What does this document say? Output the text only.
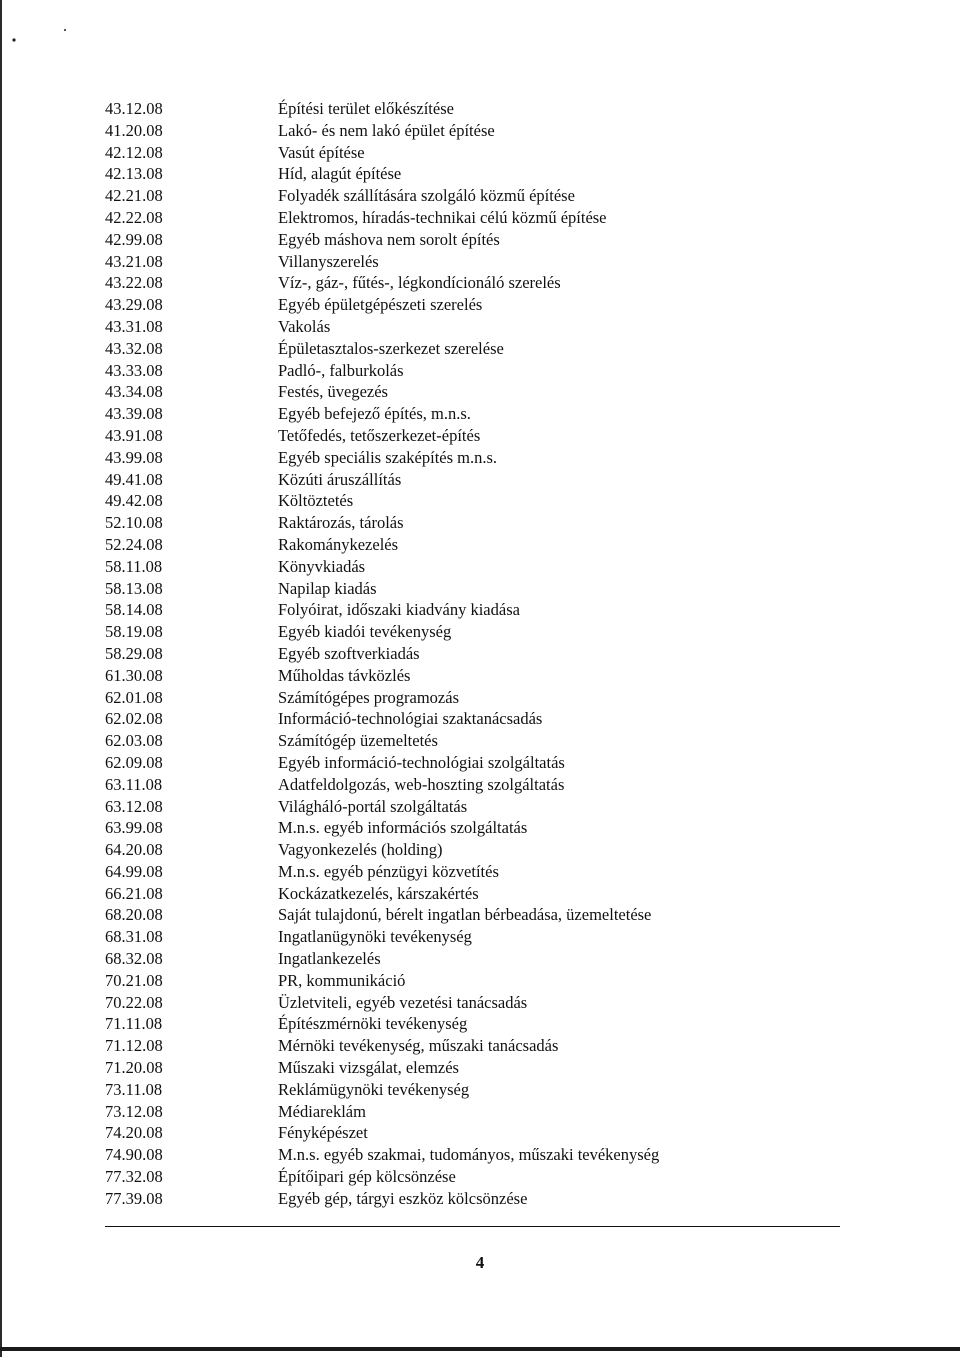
43.12.08	Építési terület előkészítése
41.20.08	Lakó- és nem lakó épület építése
42.12.08	Vasút építése
42.13.08	Híd, alagút építése
42.21.08	Folyadék szállítására szolgáló közmű építése
42.22.08	Elektromos, híradás-technikai célú közmű építése
42.99.08	Egyéb máshova nem sorolt építés
43.21.08	Villanyszerelés
43.22.08	Víz-, gáz-, fűtés-, légkondícionáló szerelés
43.29.08	Egyéb épületgépészeti szerelés
43.31.08	Vakolás
43.32.08	Épületasztalos-szerkezet szerelése
43.33.08	Padló-, falburkolás
43.34.08	Festés, üvegezés
43.39.08	Egyéb befejező építés, m.n.s.
43.91.08	Tetőfedés, tetőszerkezet-építés
43.99.08	Egyéb speciális szaképítés m.n.s.
49.41.08	Közúti áruszállítás
49.42.08	Költöztetés
52.10.08	Raktározás, tárolás
52.24.08	Rakománykezelés
58.11.08	Könyvkiadás
58.13.08	Napilap kiadás
58.14.08	Folyóirat, időszaki kiadvány kiadása
58.19.08	Egyéb kiadói tevékenység
58.29.08	Egyéb szoftverkiadás
61.30.08	Műholdas távközlés
62.01.08	Számítógépes programozás
62.02.08	Információ-technológiai szaktanácsadás
62.03.08	Számítógép üzemeltetés
62.09.08	Egyéb információ-technológiai szolgáltatás
63.11.08	Adatfeldolgozás, web-hoszting szolgáltatás
63.12.08	Világháló-portál szolgáltatás
63.99.08	M.n.s. egyéb információs szolgáltatás
64.20.08	Vagyonkezelés (holding)
64.99.08	M.n.s. egyéb pénzügyi közvetítés
66.21.08	Kockázatkezelés, kárszakértés
68.20.08	Saját tulajdonú, bérelt ingatlan bérbeadása, üzemeltetése
68.31.08	Ingatlanügynöki tevékenység
68.32.08	Ingatlankezelés
70.21.08	PR, kommunikáció
70.22.08	Üzletviteli, egyéb vezetési tanácsadás
71.11.08	Építészmérnöki tevékenység
71.12.08	Mérnöki tevékenység, műszaki tanácsadás
71.20.08	Műszaki vizsgálat, elemzés
73.11.08	Reklámügynöki tevékenység
73.12.08	Médiareklám
74.20.08	Fényképészet
74.90.08	M.n.s. egyéb szakmai, tudományos, műszaki tevékenység
77.32.08	Építőipari gép kölcsönzése
77.39.08	Egyéb gép, tárgyi eszköz kölcsönzése
4
